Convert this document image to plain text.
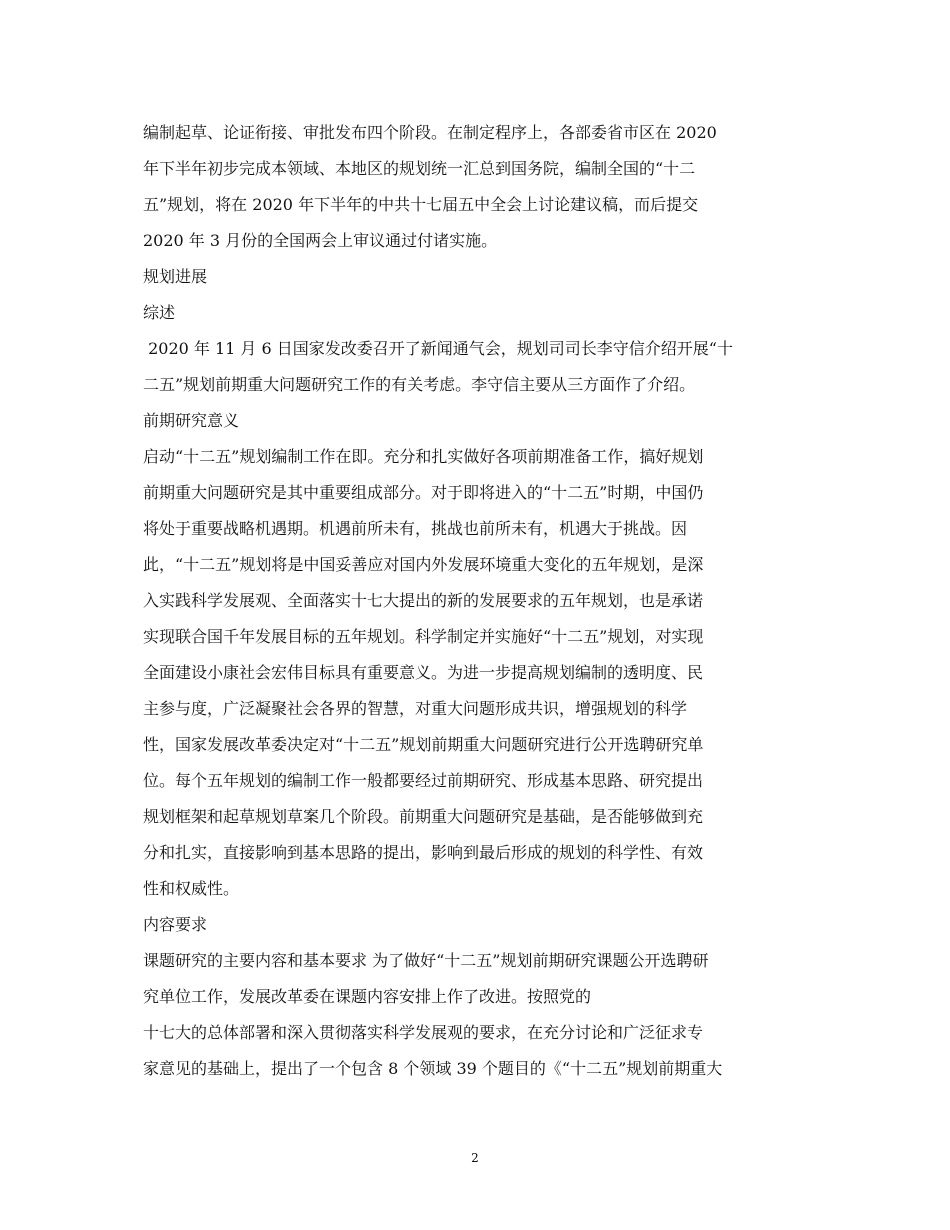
编制起草、论证衔接、审批发布四个阶段。在制定程序上，各部委省市区在 2020
年下半年初步完成本领域、本地区的规划统一汇总到国务院，编制全国的“十二
五”规划，将在 2020 年下半年的中共十七届五中全会上讨论建议稿，而后提交
2020 年 3 月份的全国两会上审议通过付诸实施。
规划进展
综述
2020 年 11 月 6 日国家发改委召开了新闻通气会，规划司司长李守信介绍开展“十
二五”规划前期重大问题研究工作的有关考虑。李守信主要从三方面作了介绍。
前期研究意义
启动“十二五”规划编制工作在即。充分和扎实做好各项前期准备工作，搞好规划
前期重大问题研究是其中重要组成部分。对于即将进入的“十二五”时期，中国仍
将处于重要战略机遇期。机遇前所未有，挑战也前所未有，机遇大于挑战。因
此，“十二五”规划将是中国妥善应对国内外发展环境重大变化的五年规划，是深
入实践科学发展观、全面落实十七大提出的新的发展要求的五年规划，也是承诺
实现联合国千年发展目标的五年规划。科学制定并实施好“十二五”规划，对实现
全面建设小康社会宏伟目标具有重要意义。为进一步提高规划编制的透明度、民
主参与度，广泛凝聚社会各界的智慧，对重大问题形成共识，增强规划的科学
性，国家发展改革委决定对“十二五”规划前期重大问题研究进行公开选聘研究单
位。每个五年规划的编制工作一般都要经过前期研究、形成基本思路、研究提出
规划框架和起草规划草案几个阶段。前期重大问题研究是基础，是否能够做到充
分和扎实，直接影响到基本思路的提出，影响到最后形成的规划的科学性、有效
性和权威性。
内容要求
课题研究的主要内容和基本要求 为了做好“十二五”规划前期研究课题公开选聘研
究单位工作，发展改革委在课题内容安排上作了改进。按照党的
十七大的总体部署和深入贯彻落实科学发展观的要求，在充分讨论和广泛征求专
家意见的基础上，提出了一个包含 8 个领域 39 个题目的《“十二五”规划前期重大
2
